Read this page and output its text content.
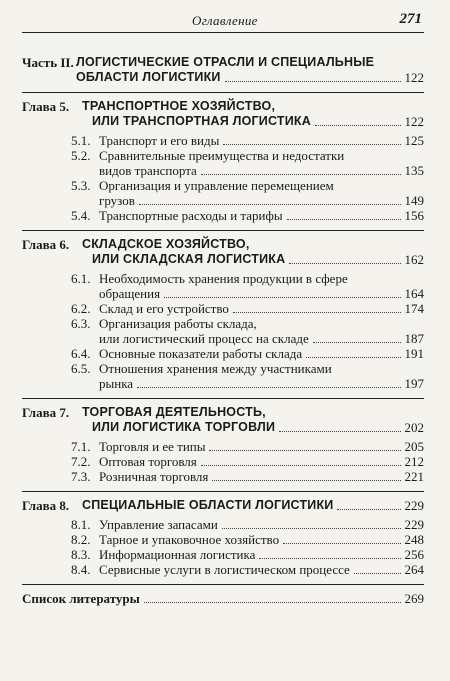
Оглавление	271
Часть II. ЛОГИСТИЧЕСКИЕ ОТРАСЛИ И СПЕЦИАЛЬНЫЕ
ОБЛАСТИ ЛОГИСТИКИ	122
Глава 5.	ТРАНСПОРТНОЕ ХОЗЯЙСТВО,
ИЛИ ТРАНСПОРТНАЯ ЛОГИСТИКА	122
5.1. Транспорт и его виды	125
5.2. Сравнительные преимущества и недостатки
видов транспорта	135
5.3. Организация и управление перемещением
грузов	149
5.4. Транспортные расходы и тарифы	156
Глава 6.	СКЛАДСКОЕ ХОЗЯЙСТВО,
ИЛИ СКЛАДСКАЯ ЛОГИСТИКА	162
6.1. Необходимость хранения продукции в сфере
обращения	164
6.2. Склад и его устройство	174
6.3. Организация работы склада,
или логистический процесс на складе	187
6.4. Основные показатели работы склада	191
6.5. Отношения хранения между участниками
рынка	197
Глава 7.	ТОРГОВАЯ ДЕЯТЕЛЬНОСТЬ,
ИЛИ ЛОГИСТИКА ТОРГОВЛИ	202
7.1. Торговля и ее типы	205
7.2. Оптовая торговля	212
7.3. Розничная торговля	221
Глава 8.	СПЕЦИАЛЬНЫЕ ОБЛАСТИ ЛОГИСТИКИ	229
8.1. Управление запасами	229
8.2. Тарное и упаковочное хозяйство	248
8.3. Информационная логистика	256
8.4. Сервисные услуги в логистическом процессе	264
Список литературы	269
